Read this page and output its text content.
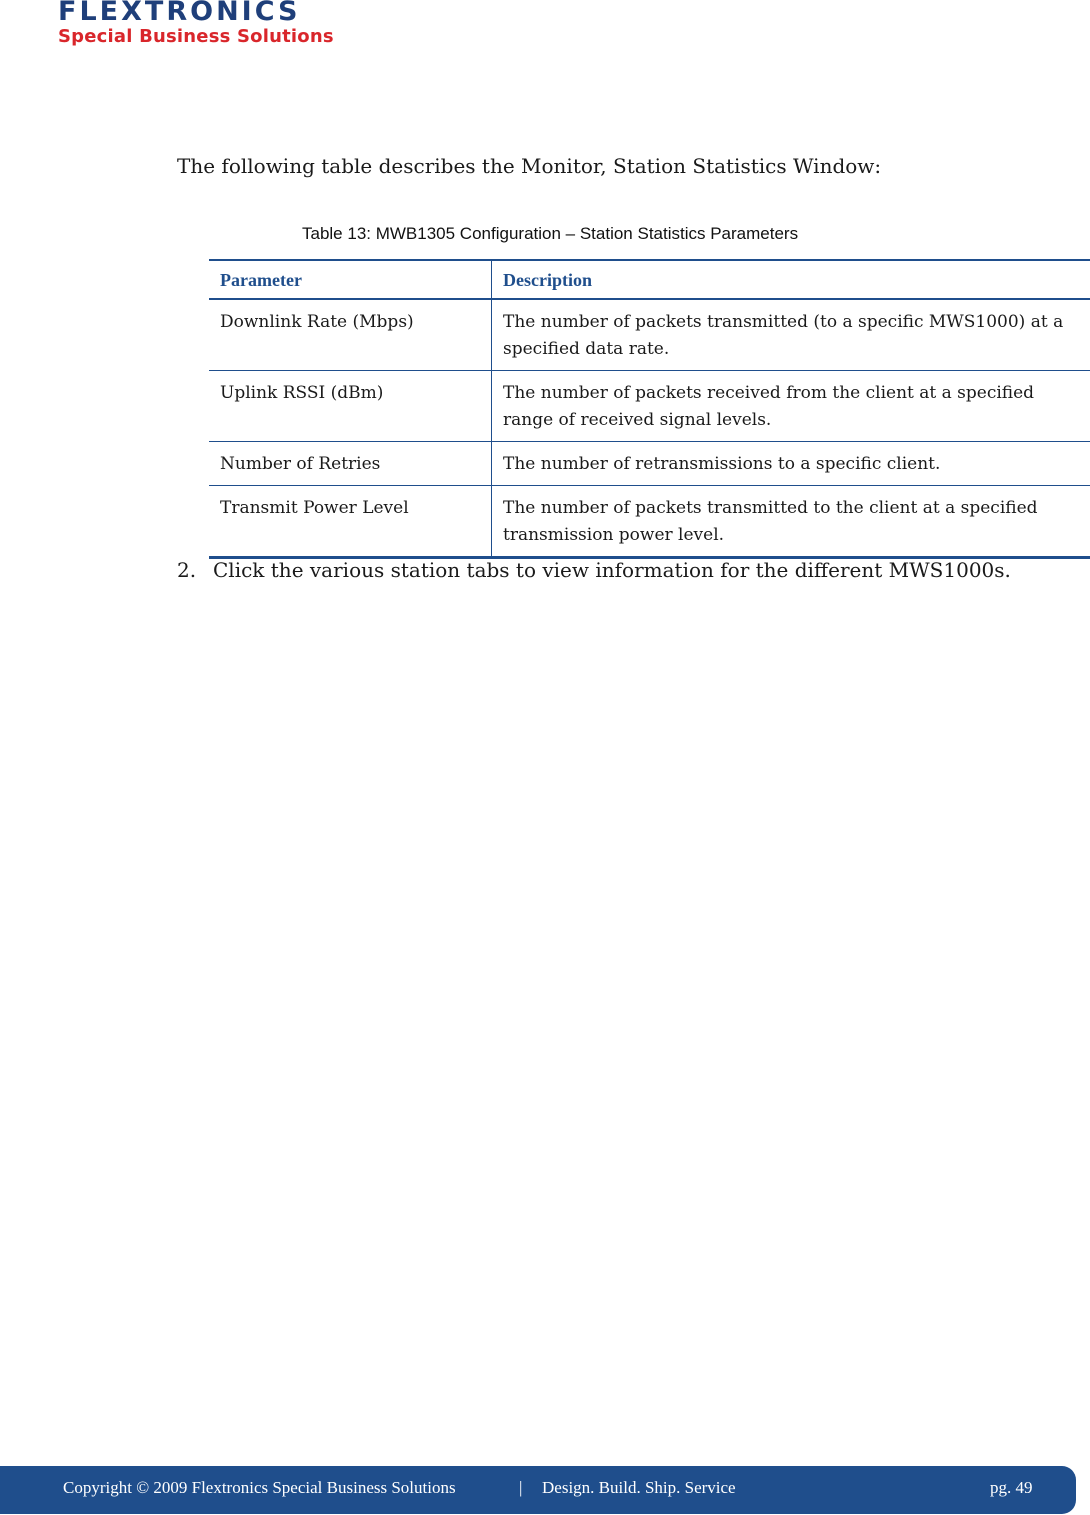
FLEXTRONICS
Special Business Solutions
The following table describes the Monitor, Station Statistics Window:
Table 13: MWB1305 Configuration – Station Statistics Parameters
Parameter	Description
Downlink Rate (Mbps)	The number of packets transmitted (to a specific MWS1000) at a specified data rate.
Uplink RSSI (dBm)	The number of packets received from the client at a specified range of received signal levels.
Number of Retries	The number of retransmissions to a specific client.
Transmit Power Level	The number of packets transmitted to the client at a specified transmission power level.
2. Click the various station tabs to view information for the different MWS1000s.
Copyright © 2009 Flextronics Special Business Solutions	| Design. Build. Ship. Service	pg. 49
